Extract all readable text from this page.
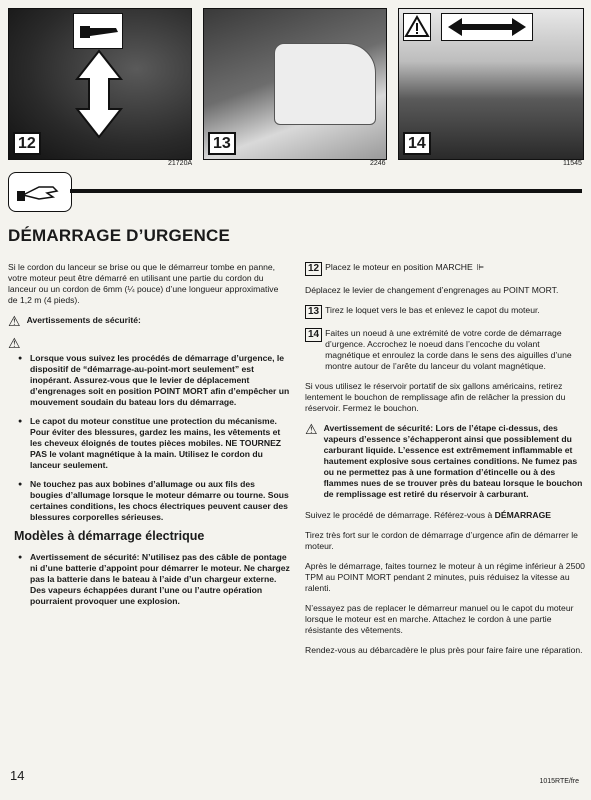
12
21720A
13
2246
14
11545
DÉMARRAGE D’URGENCE

Si le cordon du lanceur se brise ou que le démarreur tombe en panne, votre moteur peut être démarré en utilisant une partie du cordon du lanceur ou un cordon de 6mm (¼ pouce) d’une longueur approximative de 1,2 m (4 pieds).

⚠ Avertissements de sécurité:
⚠
● Lorsque vous suivez les procédés de démarrage d’urgence, le dispositif de “démarrage-au-point-mort seulement” est inopérant. Assurez-vous que le levier de déplacement d’engrenages soit en position POINT MORT afin d’empêcher un mouvement soudain du bateau lors du démarrage.
● Le capot du moteur constitue une protection du mécanisme. Pour éviter des blessures, gardez les mains, les vêtements et les cheveux éloignés de toutes pièces mobiles. NE TOURNEZ PAS le volant magnétique à la main. Utilisez le cordon du lanceur seulement.
● Ne touchez pas aux bobines d’allumage ou aux fils des bougies d’allumage lorsque le moteur démarre ou tourne. Sous certaines conditions, les chocs électriques peuvent causer des blessures corporelles sérieuses.
Modèles à démarrage électrique
● Avertissement de sécurité: N’utilisez pas des câble de pontage ni d’une batterie d’appoint pour démarrer le moteur. Ne chargez pas la batterie dans le bateau à l’aide d’un chargeur externe. Des vapeurs échappées durant l’une ou l’autre opération pourraient provoquer une explosion.
12 Placez le moteur en position MARCHE ⊫

Déplacez le levier de changement d’engrenages au POINT MORT.

13 Tirez le loquet vers le bas et enlevez le capot du moteur.
14 Faites un noeud à une extrémité de votre corde de démarrage d’urgence. Accrochez le noeud dans l’encoche du volant magnétique et enroulez la corde dans le sens des aiguilles d’une montre autour de l’arête du lanceur du volant magnétique.

Si vous utilisez le réservoir portatif de six gallons américains, retirez lentement le bouchon de remplissage afin de relâcher la pression du réservoir. Fermez le bouchon.

⚠ Avertissement de sécurité: Lors de l’étape ci-dessus, des vapeurs d’essence s’échapperont ainsi que possiblement du carburant liquide. L’essence est extrêmement inflammable et hautement explosive sous certaines conditions. Ne fumez pas ou ne permettez pas à une formation d’étincelle ou à des flammes nues de se trouver près du bateau lorsque le bouchon de remplissage est retiré du réservoir à carburant.

Suivez le procédé de démarrage. Référez-vous à DÉMARRAGE

Tirez très fort sur le cordon de démarrage d’urgence afin de démarrer le moteur.

Après le démarrage, faites tournez le moteur à un régime inférieur à 2500 TPM au POINT MORT pendant 2 minutes, puis réduisez la vitesse au ralenti.

N’essayez pas de replacer le démarreur manuel ou le capot du moteur lorsque le moteur est en marche. Attachez le cordon à une partie résistante des vêtements.

Rendez-vous au débarcadère le plus près pour faire faire une réparation.

14	1015RTE/fre
